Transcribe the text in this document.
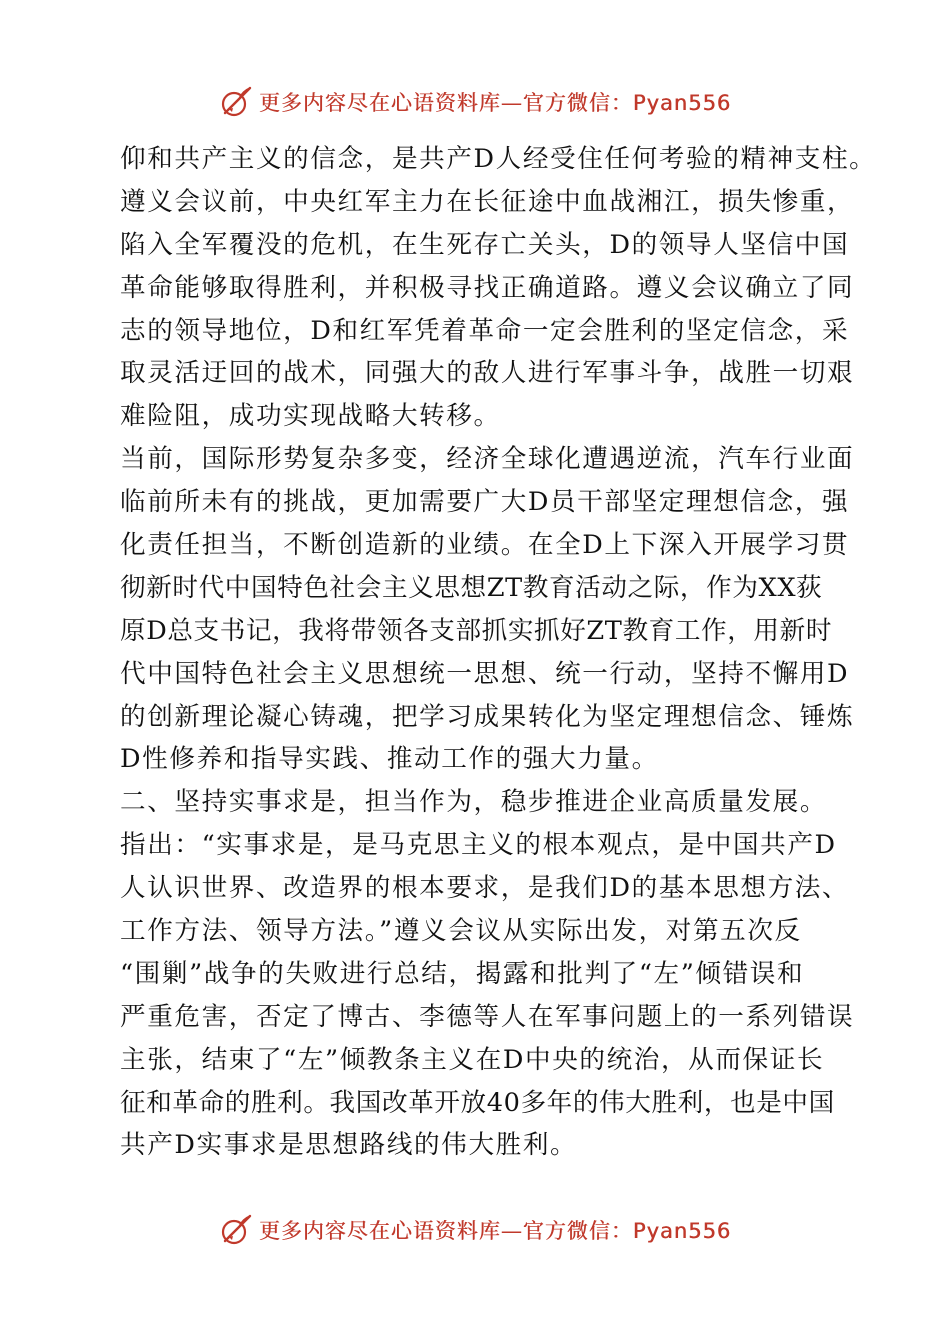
更多内容尽在心语资料库—官方微信：Pyan556
仰和共产主义的信念，是共产D人经受住任何考验的精神支柱。
遵义会议前，中央红军主力在长征途中血战湘江，损失惨重，
陷入全军覆没的危机，在生死存亡关头，D的领导人坚信中国
革命能够取得胜利，并积极寻找正确道路。遵义会议确立了同
志的领导地位，D和红军凭着革命一定会胜利的坚定信念，采
取灵活迂回的战术，同强大的敌人进行军事斗争，战胜一切艰
难险阻，成功实现战略大转移。
当前，国际形势复杂多变，经济全球化遭遇逆流，汽车行业面
临前所未有的挑战，更加需要广大D员干部坚定理想信念，强
化责任担当，不断创造新的业绩。在全D上下深入开展学习贯
彻新时代中国特色社会主义思想ZT教育活动之际，作为XX荻
原D总支书记，我将带领各支部抓实抓好ZT教育工作，用新时
代中国特色社会主义思想统一思想、统一行动，坚持不懈用D
的创新理论凝心铸魂，把学习成果转化为坚定理想信念、锤炼
D性修养和指导实践、推动工作的强大力量。
二、坚持实事求是，担当作为，稳步推进企业高质量发展。
指出：“实事求是，是马克思主义的根本观点，是中国共产D
人认识世界、改造界的根本要求，是我们D的基本思想方法、
工作方法、领导方法。”遵义会议从实际出发，对第五次反
“围剿”战争的失败进行总结，揭露和批判了“左”倾错误和
严重危害，否定了博古、李德等人在军事问题上的一系列错误
主张，结束了“左”倾教条主义在D中央的统治，从而保证长
征和革命的胜利。我国改革开放40多年的伟大胜利，也是中国
共产D实事求是思想路线的伟大胜利。
更多内容尽在心语资料库—官方微信：Pyan556
